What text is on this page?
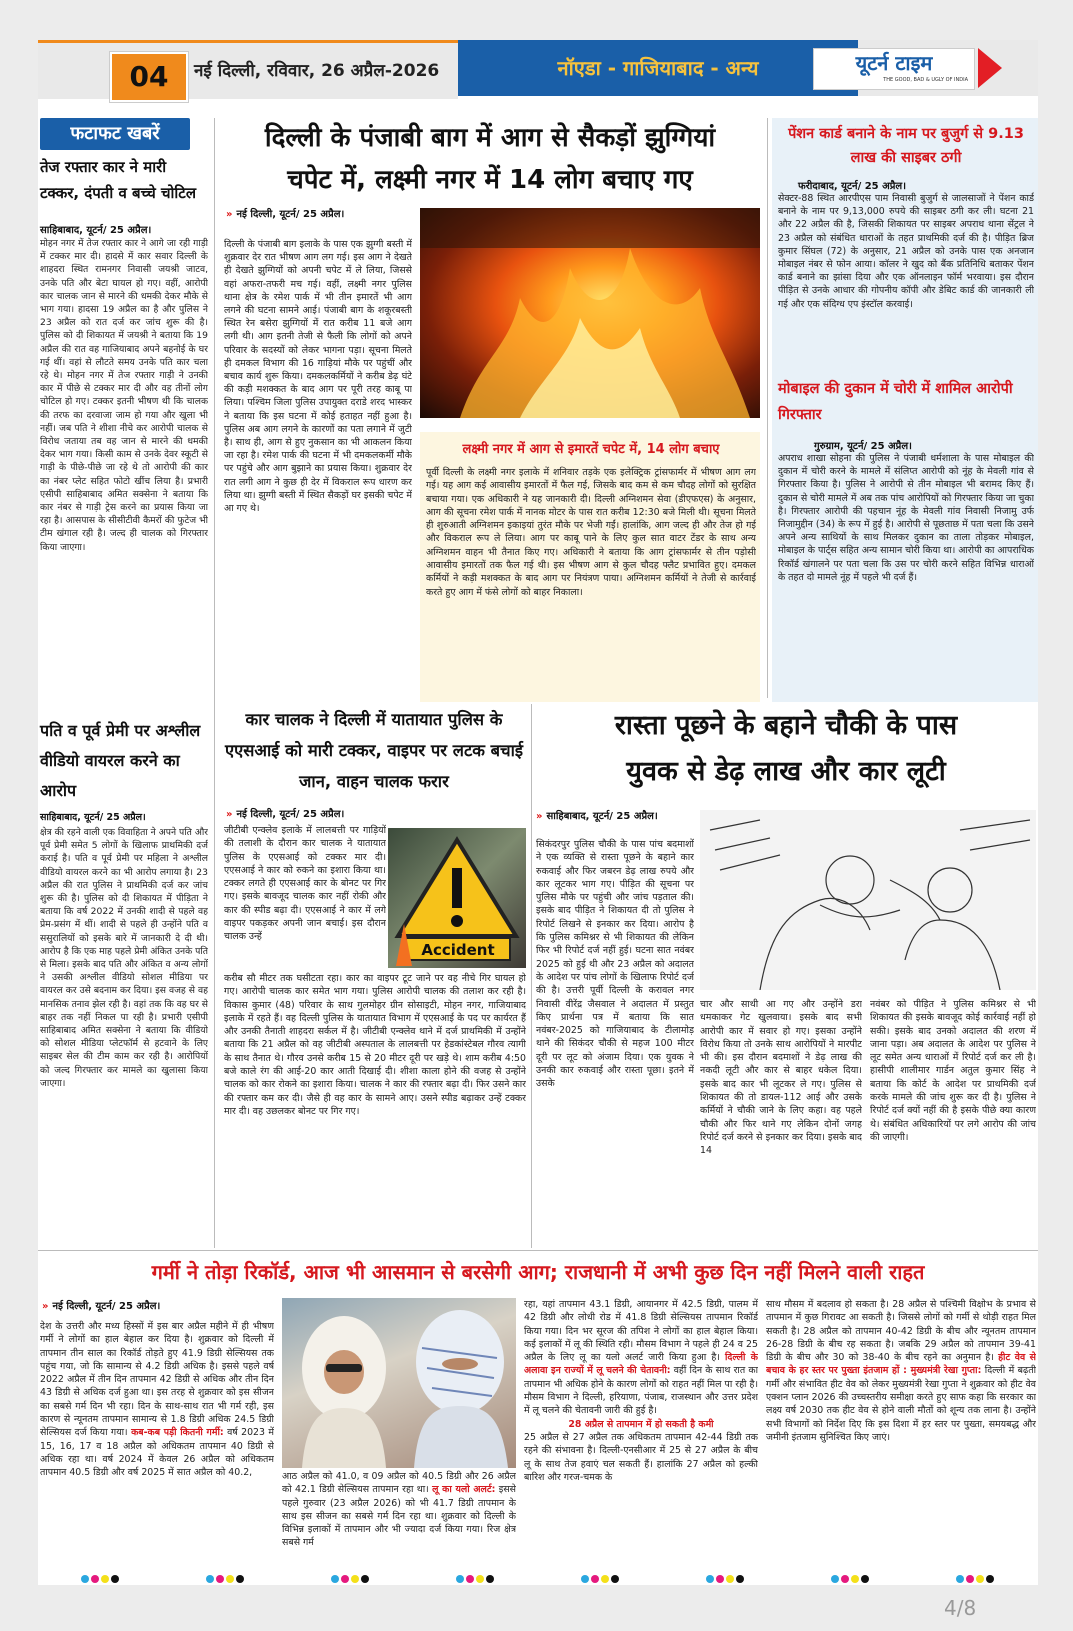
04	नई दिल्ली, रविवार, 26 अप्रैल-2026	नॉएडा - गाजियाबाद - अन्य	यूटर्न टाइम
THE GOOD, BAD & UGLY OF INDIA
फटाफट खबरें
तेज रफ्तार कार ने मारी टक्कर, दंपती व बच्चे चोटिल
साहिबाबाद, यूटर्न/ 25 अप्रैल।
मोहन नगर में तेज रफ्तार कार ने आगे जा रही गाड़ी में टक्कर मार दी। हादसे में कार सवार दिल्ली के शाहदरा स्थित रामनगर निवासी जयश्री जाटव, उनके पति और बेटा घायल हो गए। वहीं, आरोपी कार चालक जान से मारने की धमकी देकर मौके से भाग गया। हादसा 19 अप्रैल का है और पुलिस ने 23 अप्रैल को रात दर्ज कर जांच शुरू की है। पुलिस को दी शिकायत में जयश्री ने बताया कि 19 अप्रैल की रात वह गाजियाबाद अपने बहनोई के घर गई थीं। वहां से लौटते समय उनके पति कार चला रहे थे। मोहन नगर में तेज रफ्तार गाड़ी ने उनकी कार में पीछे से टक्कर मार दी और वह तीनों लोग चोटिल हो गए। टक्कर इतनी भीषण थी कि चालक की तरफ का दरवाजा जाम हो गया और खुला भी नहीं। जब पति ने शीशा नीचे कर आरोपी चालक से विरोध जताया तब वह जान से मारने की धमकी देकर भाग गया। किसी काम से उनके देवर स्कूटी से गाड़ी के पीछे-पीछे जा रहे थे तो आरोपी की कार का नंबर प्लेट सहित फोटो खींच लिया है। प्रभारी एसीपी साहिबाबाद अमित सक्सेना ने बताया कि कार नंबर से गाड़ी ट्रेस करने का प्रयास किया जा रहा है। आसपास के सीसीटीवी कैमरों की फुटेज भी टीम खंगाल रही है। जल्द ही चालक को गिरफ्तार किया जाएगा।
पति व पूर्व प्रेमी पर अश्लील वीडियो वायरल करने का आरोप
साहिबाबाद, यूटर्न/ 25 अप्रैल।
क्षेत्र की रहने वाली एक विवाहिता ने अपने पति और पूर्व प्रेमी समेत 5 लोगों के खिलाफ प्राथमिकी दर्ज कराई है। पति व पूर्व प्रेमी पर महिला ने अश्लील वीडियो वायरल करने का भी आरोप लगाया है। 23 अप्रैल की रात पुलिस ने प्राथमिकी दर्ज कर जांच शुरू की है। पुलिस को दी शिकायत में पीड़िता ने बताया कि वर्ष 2022 में उनकी शादी से पहले वह प्रेम-प्रसंग में थीं। शादी से पहले ही उन्होंने पति व ससुरालियों को इसके बारे में जानकारी दे दी थी। आरोप है कि एक माह पहले प्रेमी अंकित उनके पति से मिला। इसके बाद पति और अंकित व अन्य लोगों ने उसकी अश्लील वीडियो सोशल मीडिया पर वायरल कर उसे बदनाम कर दिया। इस वजह से वह मानसिक तनाव झेल रही है। वहां तक कि वह घर से बाहर तक नहीं निकल पा रही है। प्रभारी एसीपी साहिबाबाद अमित सक्सेना ने बताया कि वीडियो को सोशल मीडिया प्लेटफॉर्म से हटवाने के लिए साइबर सेल की टीम काम कर रही है। आरोपियों को जल्द गिरफ्तार कर मामले का खुलासा किया जाएगा।
दिल्ली के पंजाबी बाग में आग से सैकड़ों झुग्गियां
चपेट में, लक्ष्मी नगर में 14 लोग बचाए गए
» नई दिल्ली, यूटर्न/ 25 अप्रैल।
दिल्ली के पंजाबी बाग इलाके के पास एक झुग्गी बस्ती में शुक्रवार देर रात भीषण आग लग गई। इस आग ने देखते ही देखते झुग्गियों को अपनी चपेट में ले लिया, जिससे वहां अफरा-तफरी मच गई। वहीं, लक्ष्मी नगर पुलिस थाना क्षेत्र के रमेश पार्क में भी तीन इमारतें भी आग लगने की घटना सामने आई। पंजाबी बाग के शकूरबस्ती स्थित रेन बसेरा झुग्गियों में रात करीब 11 बजे आग लगी थी। आग इतनी तेजी से फैली कि लोगों को अपने परिवार के सदस्यों को लेकर भागना पड़ा। सूचना मिलते ही दमकल विभाग की 16 गाड़ियां मौके पर पहुंचीं और बचाव कार्य शुरू किया। दमकलकर्मियों ने करीब डेढ़ घंटे की कड़ी मशक्कत के बाद आग पर पूरी तरह काबू पा लिया। पश्चिम जिला पुलिस उपायुक्त दराडे शरद भास्कर ने बताया कि इस घटना में कोई हताहत नहीं हुआ है। पुलिस अब आग लगने के कारणों का पता लगाने में जुटी है। साथ ही, आग से हुए नुकसान का भी आकलन किया जा रहा है। रमेश पार्क की घटना में भी दमकलकर्मी मौके पर पहुंचे और आग बुझाने का प्रयास किया। शुक्रवार देर रात लगी आग ने कुछ ही देर में विकराल रूप धारण कर लिया था। झुग्गी बस्ती में स्थित सैकड़ों घर इसकी चपेट में आ गए थे।
लक्ष्मी नगर में आग से इमारतें चपेट में, 14 लोग बचाए
पूर्वी दिल्ली के लक्ष्मी नगर इलाके में शनिवार तड़के एक इलेक्ट्रिक ट्रांसफार्मर में भीषण आग लग गई। यह आग कई आवासीय इमारतों में फैल गई, जिसके बाद कम से कम चौदह लोगों को सुरक्षित बचाया गया। एक अधिकारी ने यह जानकारी दी। दिल्ली अग्निशमन सेवा (डीएफएस) के अनुसार, आग की सूचना रमेश पार्क में नानक मोटर के पास रात करीब 12:30 बजे मिली थी। सूचना मिलते ही शुरुआती अग्निशमन इकाइयां तुरंत मौके पर भेजी गईं। हालांकि, आग जल्द ही और तेज हो गई और विकराल रूप ले लिया। आग पर काबू पाने के लिए कुल सात वाटर टेंडर के साथ अन्य अग्निशमन वाहन भी तैनात किए गए। अधिकारी ने बताया कि आग ट्रांसफार्मर से तीन पड़ोसी आवासीय इमारतों तक फैल गई थी। इस भीषण आग से कुल चौदह फ्लैट प्रभावित हुए। दमकल कर्मियों ने कड़ी मशक्कत के बाद आग पर नियंत्रण पाया। अग्निशमन कर्मियों ने तेजी से कार्रवाई करते हुए आग में फंसे लोगों को बाहर निकाला।
पेंशन कार्ड बनाने के नाम पर बुजुर्ग से 9.13 लाख की साइबर ठगी
फरीदाबाद, यूटर्न/ 25 अप्रैल।
सेक्टर-88 स्थित आरपीएस पाम निवासी बुजुर्ग से जालसाजों ने पेंशन कार्ड बनाने के नाम पर 9,13,000 रुपये की साइबर ठगी कर ली। घटना 21 और 22 अप्रैल की है, जिसकी शिकायत पर साइबर अपराध थाना सेंट्रल ने 23 अप्रैल को संबंधित धाराओं के तहत प्राथमिकी दर्ज की है। पीड़ित ब्रिज कुमार सिंघल (72) के अनुसार, 21 अप्रैल को उनके पास एक अनजान मोबाइल नंबर से फोन आया। कॉलर ने खुद को बैंक प्रतिनिधि बताकर पेंशन कार्ड बनाने का झांसा दिया और एक ऑनलाइन फॉर्म भरवाया। इस दौरान पीड़ित से उनके आधार की गोपनीय कॉपी और डेबिट कार्ड की जानकारी ली गई और एक संदिग्ध एप इंस्टॉल करवाई।
मोबाइल की दुकान में चोरी में शामिल आरोपी गिरफ्तार
गुरुग्राम, यूटर्न/ 25 अप्रैल।
अपराध शाखा सोहना की पुलिस ने पंजाबी धर्मशाला के पास मोबाइल की दुकान में चोरी करने के मामले में संलिप्त आरोपी को नूंह के मेवली गांव से गिरफ्तार किया है। पुलिस ने आरोपी से तीन मोबाइल भी बरामद किए हैं। दुकान से चोरी मामले में अब तक पांच आरोपियों को गिरफ्तार किया जा चुका है। गिरफ्तार आरोपी की पहचान नूंह के मेवली गांव निवासी निजामु उर्फ निजामुद्दीन (34) के रूप में हुई है। आरोपी से पूछताछ में पता चला कि उसने अपने अन्य साथियों के साथ मिलकर दुकान का ताला तोड़कर मोबाइल, मोबाइल के पार्ट्स सहित अन्य सामान चोरी किया था। आरोपी का आपराधिक रिकॉर्ड खंगालने पर पता चला कि उस पर चोरी करने सहित विभिन्न धाराओं के तहत दो मामले नूंह में पहले भी दर्ज हैं।
कार चालक ने दिल्ली में यातायात पुलिस के एएसआई को मारी टक्कर, वाइपर पर लटक बचाई जान, वाहन चालक फरार
» नई दिल्ली, यूटर्न/ 25 अप्रैल।
जीटीबी एन्क्लेव इलाके में लालबत्ती पर गाड़ियों की तलाशी के दौरान कार चालक ने यातायात पुलिस के एएसआई को टक्कर मार दी। एएसआई ने कार को रुकने का इशारा किया था। टक्कर लगते ही एएसआई कार के बोनट पर गिर गए। इसके बावजूद चालक कार नहीं रोकी और कार की स्पीड बढ़ा दी। एएसआई ने कार में लगे वाइपर पकड़कर अपनी जान बचाई। इस दौरान चालक उन्हें
Accident
करीब सौ मीटर तक घसीटता रहा। कार का वाइपर टूट जाने पर वह नीचे गिर घायल हो गए। आरोपी चालक कार समेत भाग गया। पुलिस आरोपी चालक की तलाश कर रही है। विकास कुमार (48) परिवार के साथ गुलमोहर ग्रीन सोसाइटी, मोहन नगर, गाजियाबाद इलाके में रहते हैं। वह दिल्ली पुलिस के यातायात विभाग में एएसआई के पद पर कार्यरत हैं और उनकी तैनाती शाहदरा सर्कल में है। जीटीबी एन्क्लेव थाने में दर्ज प्राथमिकी में उन्होंने बताया कि 21 अप्रैल को वह जीटीबी अस्पताल के लालबत्ती पर हेडकांस्टेबल गौरव त्यागी के साथ तैनात थे। गौरव उनसे करीब 15 से 20 मीटर दूरी पर खड़े थे। शाम करीब 4:50 बजे काले रंग की आई-20 कार आती दिखाई दी। शीशा काला होने की वजह से उन्होंने चालक को कार रोकने का इशारा किया। चालक ने कार की रफ्तार बढ़ा दी। फिर उसने कार की रफ्तार कम कर दी। जैसे ही वह कार के सामने आए। उसने स्पीड बढ़ाकर उन्हें टक्कर मार दी। वह उछलकर बोनट पर गिर गए।
रास्ता पूछने के बहाने चौकी के पास
युवक से डेढ़ लाख और कार लूटी
» साहिबाबाद, यूटर्न/ 25 अप्रैल।
सिकंदरपुर पुलिस चौकी के पास पांच बदमाशों ने एक व्यक्ति से रास्ता पूछने के बहाने कार रुकवाई और फिर जबरन डेढ़ लाख रुपये और कार लूटकर भाग गए। पीड़ित की सूचना पर पुलिस मौके पर पहुंची और जांच पड़ताल की। इसके बाद पीड़ित ने शिकायत दी तो पुलिस ने रिपोर्ट लिखने से इनकार कर दिया। आरोप है कि पुलिस कमिश्नर से भी शिकायत की लेकिन फिर भी रिपोर्ट दर्ज नहीं हुई। घटना सात नवंबर 2025 को हुई थी और 23 अप्रैल को अदालत के आदेश पर पांच लोगों के खिलाफ रिपोर्ट दर्ज की है। उत्तरी पूर्वी दिल्ली के करावल नगर निवासी वीरेंद्र जैसवाल ने अदालत में प्रस्तुत किए प्रार्थना पत्र में बताया कि सात नवंबर-2025 को गाजियाबाद के टीलामोड़ थाने की सिकंदर चौकी से महज 100 मीटर दूरी पर लूट को अंजाम दिया। एक युवक ने उनकी कार रुकवाई और रास्ता पूछा। इतने में उसके
चार और साथी आ गए और उन्होंने डरा धमकाकर गेट खुलवाया। इसके बाद सभी आरोपी कार में सवार हो गए। इसका उन्होंने विरोध किया तो उनके साथ आरोपियों ने मारपीट भी की। इस दौरान बदमाशों ने डेढ़ लाख की नकदी लूटी और कार से बाहर धकेल दिया। इसके बाद कार भी लूटकर ले गए। पुलिस से शिकायत की तो डायल-112 आई और उसके कर्मियों ने चौकी जाने के लिए कहा। वह पहले चौकी और फिर थाने गए लेकिन दोनों जगह रिपोर्ट दर्ज करने से इनकार कर दिया। इसके बाद 14
नवंबर को पीड़ित ने पुलिस कमिश्नर से भी शिकायत की इसके बावजूद कोई कार्रवाई नहीं हो सकी। इसके बाद उनको अदालत की शरण में जाना पड़ा। अब अदालत के आदेश पर पुलिस ने लूट समेत अन्य धाराओं में रिपोर्ट दर्ज कर ली है। हासीपी शालीमार गार्डन अतुल कुमार सिंह ने बताया कि कोर्ट के आदेश पर प्राथमिकी दर्ज करके मामले की जांच शुरू कर दी है। पुलिस ने रिपोर्ट दर्ज क्यों नहीं की है इसके पीछे क्या कारण थे। संबंधित अधिकारियों पर लगे आरोप की जांच की जाएगी।
गर्मी ने तोड़ा रिकॉर्ड, आज भी आसमान से बरसेगी आग; राजधानी में अभी कुछ दिन नहीं मिलने वाली राहत
» नई दिल्ली, यूटर्न/ 25 अप्रैल।
देश के उत्तरी और मध्य हिस्सों में इस बार अप्रैल महीने में ही भीषण गर्मी ने लोगों का हाल बेहाल कर दिया है। शुक्रवार को दिल्ली में तापमान तीन साल का रिकॉर्ड तोड़ते हुए 41.9 डिग्री सेल्सियस तक पहुंच गया, जो कि सामान्य से 4.2 डिग्री अधिक है। इससे पहले वर्ष 2022 अप्रैल में तीन दिन तापमान 42 डिग्री से अधिक और तीन दिन 43 डिग्री से अधिक दर्ज हुआ था। इस तरह से शुक्रवार को इस सीजन का सबसे गर्म दिन भी रहा। दिन के साथ-साथ रात भी गर्म रही, इस कारण से न्यूनतम तापमान सामान्य से 1.8 डिग्री अधिक 24.5 डिग्री सेल्सियस दर्ज किया गया। कब-कब पड़ी कितनी गर्मी: वर्ष 2023 में 15, 16, 17 व 18 अप्रैल को अधिकतम तापमान 40 डिग्री से अधिक रहा था। वर्ष 2024 में केवल 26 अप्रैल को अधिकतम तापमान 40.5 डिग्री और वर्ष 2025 में सात अप्रैल को 40.2,	आठ अप्रैल को 41.0, व 09 अप्रैल को 40.5 डिग्री और 26 अप्रैल को 42.1 डिग्री सेल्सियस तापमान रहा था। लू का यलो अलर्ट: इससे पहले गुरुवार (23 अप्रैल 2026) को भी 41.7 डिग्री तापमान के साथ इस सीजन का सबसे गर्म दिन रहा था। शुक्रवार को दिल्ली के विभिन्न इलाकों में तापमान और भी ज्यादा दर्ज किया गया। रिज क्षेत्र सबसे गर्म
रहा, यहां तापमान 43.1 डिग्री, आयानगर में 42.5 डिग्री, पालम में 42 डिग्री और लोधी रोड में 41.8 डिग्री सेल्सियस तापमान रिकॉर्ड किया गया। दिन भर सूरज की तपिश ने लोगों का हाल बेहाल किया। कई इलाकों में लू की स्थिति रही। मौसम विभाग ने पहले ही 24 व 25 अप्रैल के लिए लू का यलो अलर्ट जारी किया हुआ है। दिल्ली के अलावा इन राज्यों में लू चलने की चेतावनी: वहीं दिन के साथ रात का तापमान भी अधिक होने के कारण लोगों को राहत नहीं मिल पा रही है। मौसम विभाग ने दिल्ली, हरियाणा, पंजाब, राजस्थान और उत्तर प्रदेश में लू चलने की चेतावनी जारी की हुई है।
28 अप्रैल से तापमान में हो सकती है कमी
25 अप्रैल से 27 अप्रैल तक अधिकतम तापमान 42-44 डिग्री तक रहने की संभावना है। दिल्ली-एनसीआर में 25 से 27 अप्रैल के बीच लू के साथ तेज हवाएं चल सकती हैं। हालांकि 27 अप्रैल को हल्की बारिश और गरज-चमक के
साथ मौसम में बदलाव हो सकता है। 28 अप्रैल से पश्चिमी विक्षोभ के प्रभाव से तापमान में कुछ गिरावट आ सकती है। जिससे लोगों को गर्मी से थोड़ी राहत मिल सकती है। 28 अप्रैल को तापमान 40-42 डिग्री के बीच और न्यूनतम तापमान 26-28 डिग्री के बीच रह सकता है। जबकि 29 अप्रैल को तापमान 39-41 डिग्री के बीच और 30 को 38-40 के बीच रहने का अनुमान है। हीट वेव से बचाव के हर स्तर पर पुख्ता इंतजाम हों : मुख्यमंत्री रेखा गुप्ता: दिल्ली में बढ़ती गर्मी और संभावित हीट वेव को लेकर मुख्यमंत्री रेखा गुप्ता ने शुक्रवार को हीट वेव एक्शन प्लान 2026 की उच्चस्तरीय समीक्षा करते हुए साफ कहा कि सरकार का लक्ष्य वर्ष 2030 तक हीट वेव से होने वाली मौतों को शून्य तक लाना है। उन्होंने सभी विभागों को निर्देश दिए कि इस दिशा में हर स्तर पर पुख्ता, समयबद्ध और जमीनी इंतजाम सुनिश्चित किए जाएं।
4/8
